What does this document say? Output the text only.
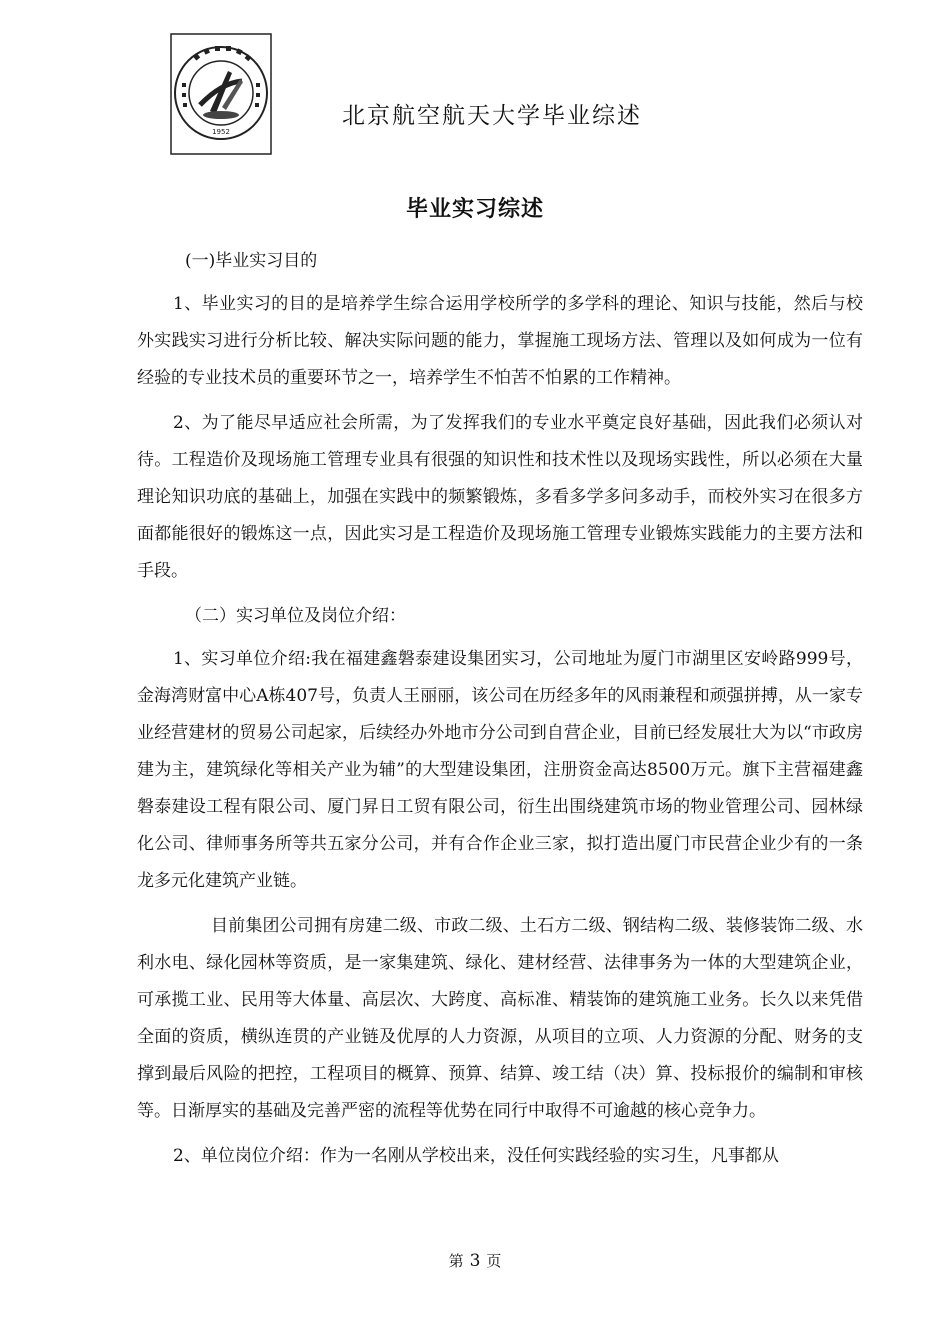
1952
北京航空航天大学毕业综述
毕业实习综述

(一)毕业实习目的

1、毕业实习的目的是培养学生综合运用学校所学的多学科的理论、知识与技能，然后与校外实践实习进行分析比较、解决实际问题的能力，掌握施工现场方法、管理以及如何成为一位有经验的专业技术员的重要环节之一，培养学生不怕苦不怕累的工作精神。

2、为了能尽早适应社会所需，为了发挥我们的专业水平奠定良好基础，因此我们必须认对待。工程造价及现场施工管理专业具有很强的知识性和技术性以及现场实践性，所以必须在大量理论知识功底的基础上，加强在实践中的频繁锻炼，多看多学多问多动手，而校外实习在很多方面都能很好的锻炼这一点，因此实习是工程造价及现场施工管理专业锻炼实践能力的主要方法和手段。

（二）实习单位及岗位介绍：

1、实习单位介绍:我在福建鑫磐泰建设集团实习，公司地址为厦门市湖里区安岭路999号，金海湾财富中心A栋407号，负责人王丽丽，该公司在历经多年的风雨兼程和顽强拼搏，从一家专业经营建材的贸易公司起家，后续经办外地市分公司到自营企业，目前已经发展壮大为以“市政房建为主，建筑绿化等相关产业为辅”的大型建设集团，注册资金高达8500万元。旗下主营福建鑫磐泰建设工程有限公司、厦门昇日工贸有限公司，衍生出围绕建筑市场的物业管理公司、园林绿化公司、律师事务所等共五家分公司，并有合作企业三家，拟打造出厦门市民营企业少有的一条龙多元化建筑产业链。

目前集团公司拥有房建二级、市政二级、土石方二级、钢结构二级、装修装饰二级、水利水电、绿化园林等资质，是一家集建筑、绿化、建材经营、法律事务为一体的大型建筑企业，可承揽工业、民用等大体量、高层次、大跨度、高标准、精装饰的建筑施工业务。长久以来凭借全面的资质，横纵连贯的产业链及优厚的人力资源，从项目的立项、人力资源的分配、财务的支撑到最后风险的把控，工程项目的概算、预算、结算、竣工结（决）算、投标报价的编制和审核等。日渐厚实的基础及完善严密的流程等优势在同行中取得不可逾越的核心竞争力。

2、单位岗位介绍：作为一名刚从学校出来，没任何实践经验的实习生，凡事都从

第 3 页
